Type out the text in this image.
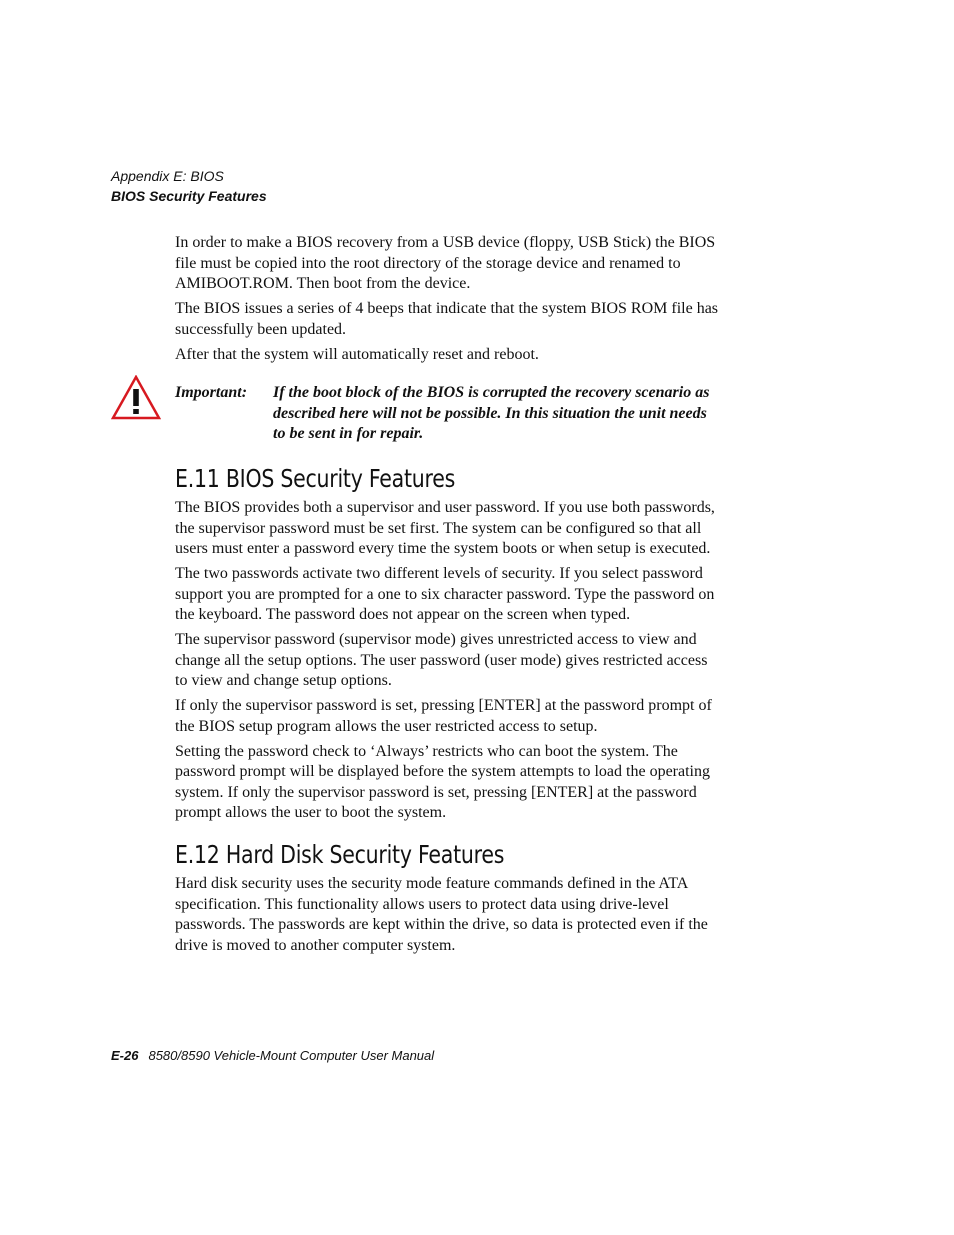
Appendix E: BIOS
BIOS Security Features

In order to make a BIOS recovery from a USB device (floppy, USB Stick) the BIOS
file must be copied into the root directory of the storage device and renamed to
AMIBOOT.ROM. Then boot from the device.

The BIOS issues a series of 4 beeps that indicate that the system BIOS ROM file has
successfully been updated.

After that the system will automatically reset and reboot.

Important: If the boot block of the BIOS is corrupted the recovery scenario as
described here will not be possible. In this situation the unit needs
to be sent in for repair.
E.11 BIOS Security Features

The BIOS provides both a supervisor and user password. If you use both passwords,
the supervisor password must be set first. The system can be configured so that all
users must enter a password every time the system boots or when setup is executed.

The two passwords activate two different levels of security. If you select password
support you are prompted for a one to six character password. Type the password on
the keyboard. The password does not appear on the screen when typed.

The supervisor password (supervisor mode) gives unrestricted access to view and
change all the setup options. The user password (user mode) gives restricted access
to view and change setup options.

If only the supervisor password is set, pressing [ENTER] at the password prompt of
the BIOS setup program allows the user restricted access to setup.

Setting the password check to ‘Always’ restricts who can boot the system. The
password prompt will be displayed before the system attempts to load the operating
system. If only the supervisor password is set, pressing [ENTER] at the password
prompt allows the user to boot the system.

E.12 Hard Disk Security Features

Hard disk security uses the security mode feature commands defined in the ATA
specification. This functionality allows users to protect data using drive-level
passwords. The passwords are kept within the drive, so data is protected even if the
drive is moved to another computer system.

E-26 8580/8590 Vehicle-Mount Computer User Manual
